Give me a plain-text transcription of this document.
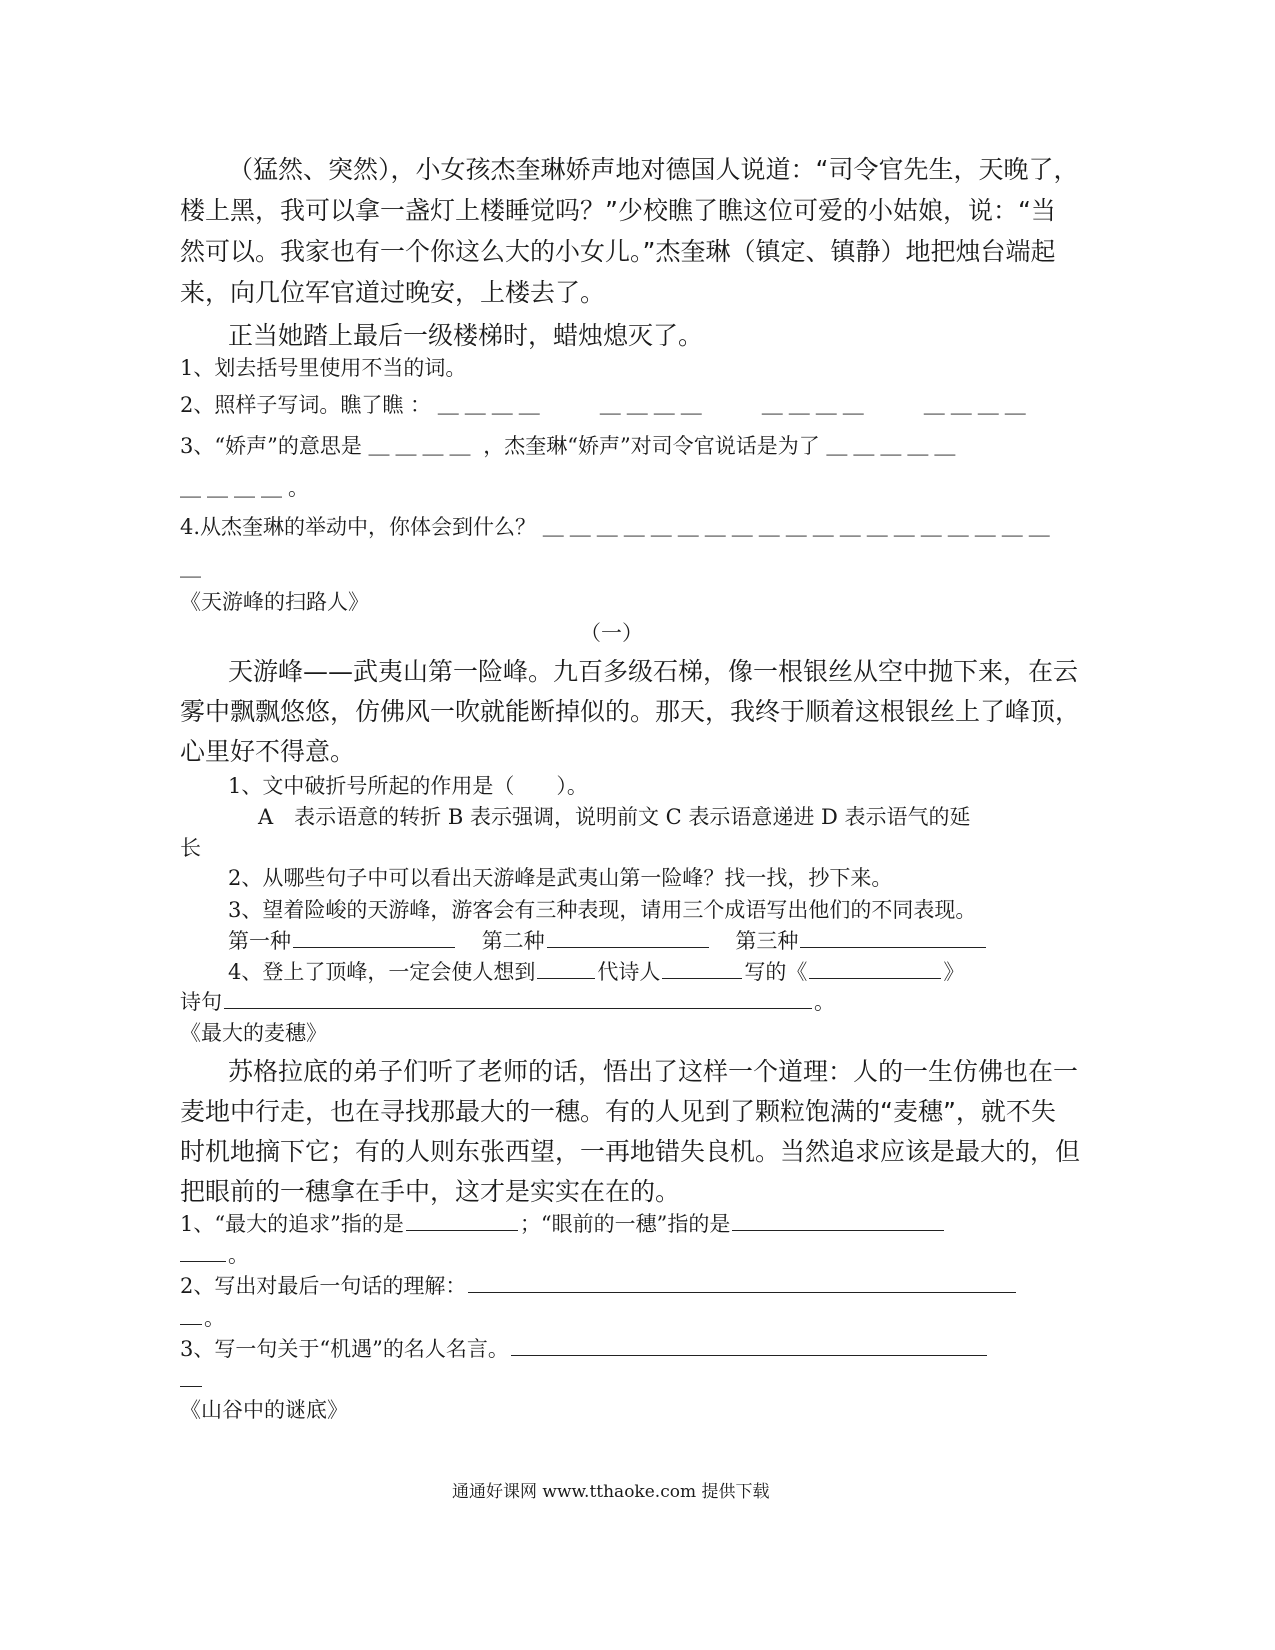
（猛然、突然），小女孩杰奎琳娇声地对德国人说道：“司令官先生，天晚了，
楼上黑，我可以拿一盏灯上楼睡觉吗？”少校瞧了瞧这位可爱的小姑娘，说：“当
然可以。我家也有一个你这么大的小女儿。”杰奎琳（镇定、镇静）地把烛台端起
来，向几位军官道过晚安，上楼去了。
正当她踏上最后一级楼梯时，蜡烛熄灭了。
1、划去括号里使用不当的词。
2、照样子写词。瞧了瞧 ： ＿＿＿＿　　＿＿＿＿　　＿＿＿＿　　＿＿＿＿
3、“娇声”的意思是 ＿＿＿＿ ，杰奎琳“娇声”对司令官说话是为了 ＿＿＿＿＿
＿＿＿＿。
4.从杰奎琳的举动中，你体会到什么？ ＿＿＿＿＿＿＿＿＿＿＿＿＿＿＿＿＿＿＿
＿
《天游峰的扫路人》
（一）
天游峰——武夷山第一险峰。九百多级石梯，像一根银丝从空中抛下来，在云
雾中飘飘悠悠，仿佛风一吹就能断掉似的。那天，我终于顺着这根银丝上了峰顶，
心里好不得意。
1、文中破折号所起的作用是（　　）。
A　表示语意的转折 B 表示强调，说明前文 C 表示语意递进 D 表示语气的延
长
2、从哪些句子中可以看出天游峰是武夷山第一险峰？找一找，抄下来。
3、望着险峻的天游峰，游客会有三种表现，请用三个成语写出他们的不同表现。
第一种	第二种	第三种
4、登上了顶峰，一定会使人想到	代诗人	写的《	》
诗句	。
《最大的麦穗》
苏格拉底的弟子们听了老师的话，悟出了这样一个道理：人的一生仿佛也在一
麦地中行走，也在寻找那最大的一穗。有的人见到了颗粒饱满的“麦穗”，就不失
时机地摘下它；有的人则东张西望，一再地错失良机。当然追求应该是最大的，但
把眼前的一穗拿在手中，这才是实实在在的。
1、“最大的追求”指的是	；“眼前的一穗”指的是
。
2、写出对最后一句话的理解：
。
3、写一句关于“机遇”的名人名言。
《山谷中的谜底》
通通好课网 www.tthaoke.com 提供下载
